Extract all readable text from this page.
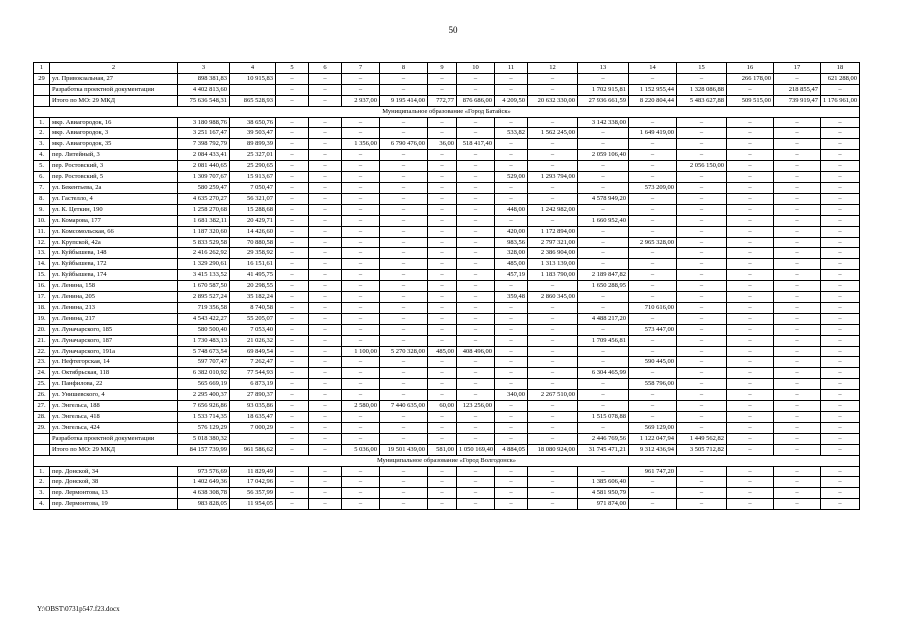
50
1	2	3	4	5	6	7	8	9	10	11	12	13	14	15	16	17	18
29	ул. Привокзальная, 27	898 381,83	10 915,83	–	–	–	–	–	–	–	–	–	–	–	266 178,00	–	621 288,00
	Разработка проектной документации	4 402 813,60		–	–	–	–	–	–	–	–	1 702 915,81	1 152 955,44	1 328 086,88	–	218 855,47	–
	Итого по МО: 29 МКД	75 636 548,31	865 528,93	–	–	2 937,00	9 195 414,00	772,77	876 686,00	4 209,50	20 632 330,00	27 936 661,59	8 220 804,44	5 483 627,88	509 515,00	739 919,47	1 176 961,00
Муниципальное образование «Город Батайск»																	
1.	мкр. Авиагородок, 16	3 180 988,76	38 650,76	–	–	–	–	–	–	–	–	3 142 338,00	–	–	–	–	–
2.	мкр. Авиагородок, 3	3 251 167,47	39 503,47	–	–	–	–	–	–	533,82	1 562 245,00	–	1 649 419,00	–	–	–	–
3.	мкр. Авиагородок, 35	7 398 792,79	89 899,39	–	–	1 356,00	6 790 476,00	36,00	518 417,40	–	–	–	–	–	–	–	–
4.	пер. Литейный, 3	2 084 433,41	25 327,01	–	–	–	–	–	–	–	–	2 059 106,40	–	–	–	–	–
5.	пер. Ростовский, 3	2 081 440,65	25 290,65	–	–	–	–	–	–	–	–	–	–	2 056 150,00	–	–	–
6.	пер. Ростовский, 5	1 309 707,67	15 913,67	–	–	–	–	–	–	529,00	1 293 794,00	–	–	–	–	–	–
7.	ул. Бекентьева, 2а	580 259,47	7 050,47	–	–	–	–	–	–	–	–	–	573 209,00	–	–	–	–
8.	ул. Гастелло, 4	4 635 270,27	56 321,07	–	–	–	–	–	–	–	–	4 578 949,20	–	–	–	–	–
9.	ул. К. Цеткин, 190	1 258 270,68	15 288,68	–	–	–	–	–	–	448,00	1 242 982,00	–	–	–	–	–	–
10.	ул. Комарова, 177	1 681 382,11	20 429,71	–	–	–	–	–	–	–	–	1 660 952,40	–	–	–	–	–
11.	ул. Комсомольская, 66	1 187 320,60	14 426,60	–	–	–	–	–	–	420,00	1 172 894,00	–	–	–	–	–	–
12.	ул. Крупской, 42а	5 833 529,58	70 880,58	–	–	–	–	–	–	983,56	2 797 321,00	–	2 965 328,00	–	–	–	–
13.	ул. Куйбышева, 148	2 416 262,92	29 358,92	–	–	–	–	–	–	328,00	2 386 904,00	–	–	–	–	–	–
14.	ул. Куйбышева, 172	1 329 290,61	16 151,61	–	–	–	–	–	–	485,00	1 313 139,00	–	–	–	–	–	–
15.	ул. Куйбышева, 174	3 415 133,52	41 495,75	–	–	–	–	–	–	457,19	1 183 790,00	2 189 847,82	–	–	–	–	–
16.	ул. Ленина, 158	1 670 587,50	20 298,55	–	–	–	–	–	–	–	–	1 650 288,95	–	–	–	–	–
17.	ул. Ленина, 205	2 895 527,24	35 182,24	–	–	–	–	–	–	359,48	2 860 345,00	–	–	–	–	–	–
18.	ул. Ленина, 213	719 356,58	8 740,58	–	–	–	–	–	–	–	–	–	710 616,00	–	–	–	–
19.	ул. Ленина, 217	4 543 422,27	55 205,07	–	–	–	–	–	–	–	–	4 488 217,20	–	–	–	–	–
20.	ул. Луначарского, 185	580 500,40	7 053,40	–	–	–	–	–	–	–	–	–	573 447,00	–	–	–	–
21.	ул. Луначарского, 187	1 730 483,13	21 026,32	–	–	–	–	–	–	–	–	1 709 456,81	–	–	–	–	–
22.	ул. Луначарского, 191а	5 748 673,54	69 849,54	–	–	1 100,00	5 270 328,00	485,00	408 496,00	–	–	–	–	–	–	–	–
23.	ул. Нефтегорская, 14	597 707,47	7 262,47	–	–	–	–	–	–	–	–	–	590 445,00	–	–	–	–
24.	ул. Октябрьская, 118	6 382 010,92	77 544,93	–	–	–	–	–	–	–	–	6 304 465,99	–	–	–	–	–
25.	ул. Панфилова, 22	565 669,19	6 873,19	–	–	–	–	–	–	–	–	–	558 796,00	–	–	–	–
26.	ул. Унишевского, 4	2 295 400,37	27 890,37	–	–	–	–	–	–	340,00	2 267 510,00	–	–	–	–	–	–
27.	ул. Энгельса, 188	7 656 926,86	93 035,86	–	–	2 580,00	7 440 635,00	60,00	123 256,00	–	–	–	–	–	–	–	–
28.	ул. Энгельса, 418	1 533 714,35	18 635,47	–	–	–	–	–	–	–	–	1 515 078,88	–	–	–	–	–
29.	ул. Энгельса, 424	576 129,29	7 000,29	–	–	–	–	–	–	–	–	–	569 129,00	–	–	–	–
	Разработка проектной документации	5 018 380,32		–	–	–	–	–	–	–	–	2 446 769,56	1 122 047,94	1 449 562,82	–	–	–
	Итого по МО: 29 МКД	84 157 739,99	961 586,62	–	–	5 036,00	19 501 439,00	581,00	1 050 169,40	4 884,05	18 080 924,00	31 745 471,21	9 312 436,94	3 505 712,82	–	–	–
Муниципальное образование «Город Волгодонск»																	
1.	пер. Донской, 34	973 576,69	11 829,49	–	–	–	–	–	–	–	–	–	961 747,20	–	–	–	–
2.	пер. Донской, 38	1 402 649,36	17 042,96	–	–	–	–	–	–	–	–	1 385 606,40	–	–	–	–	–
3.	пер. Лермонтова, 13	4 638 308,78	56 357,99	–	–	–	–	–	–	–	–	4 581 950,79	–	–	–	–	–
4.	пер. Лермонтова, 19	983 828,05	11 954,05	–	–	–	–	–	–	–	–	971 874,00	–	–	–	–	–
Y:\OBST\0731p547.f23.docx
